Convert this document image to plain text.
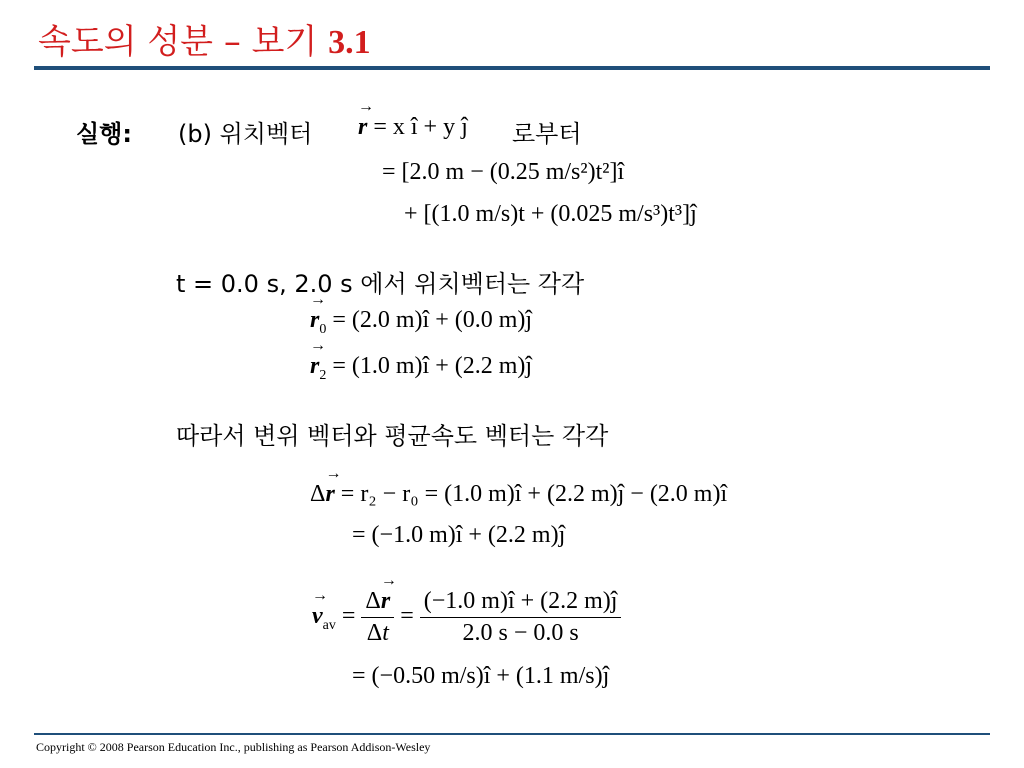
속도의 성분 – 보기 3.1
실행: (b) 위치벡터
→ r = x î + y ĵ 로부터
= [2.0 m − (0.25 m/s²)t²]î
+ [(1.0 m/s)t + (0.025 m/s³)t³]ĵ
t = 0.0 s, 2.0 s 에서 위치벡터는 각각
→ $r_0 = (2.0$ m)î + (0.0 m)ĵ
→ $r_2 = (1.0$ m)î + (2.2 m)ĵ
따라서 변위 벡터와 평균속도 벡터는 각각
Δ→ r = r₂ − r₀ = (1.0 m)î + (2.2 m)ĵ − (2.0 m)î
= (−1.0 m)î + (2.2 m)ĵ
→ $v_{av} = \frac{\Delta\to r}{\Delta t} = \frac{(-1.0 m)î + (2.2 m)ĵ}{2.0 s - 0.0 s}$
= (−0.50 m/s)î + (1.1 m/s)ĵ
Copyright © 2008 Pearson Education Inc., publishing as Pearson Addison-Wesley
